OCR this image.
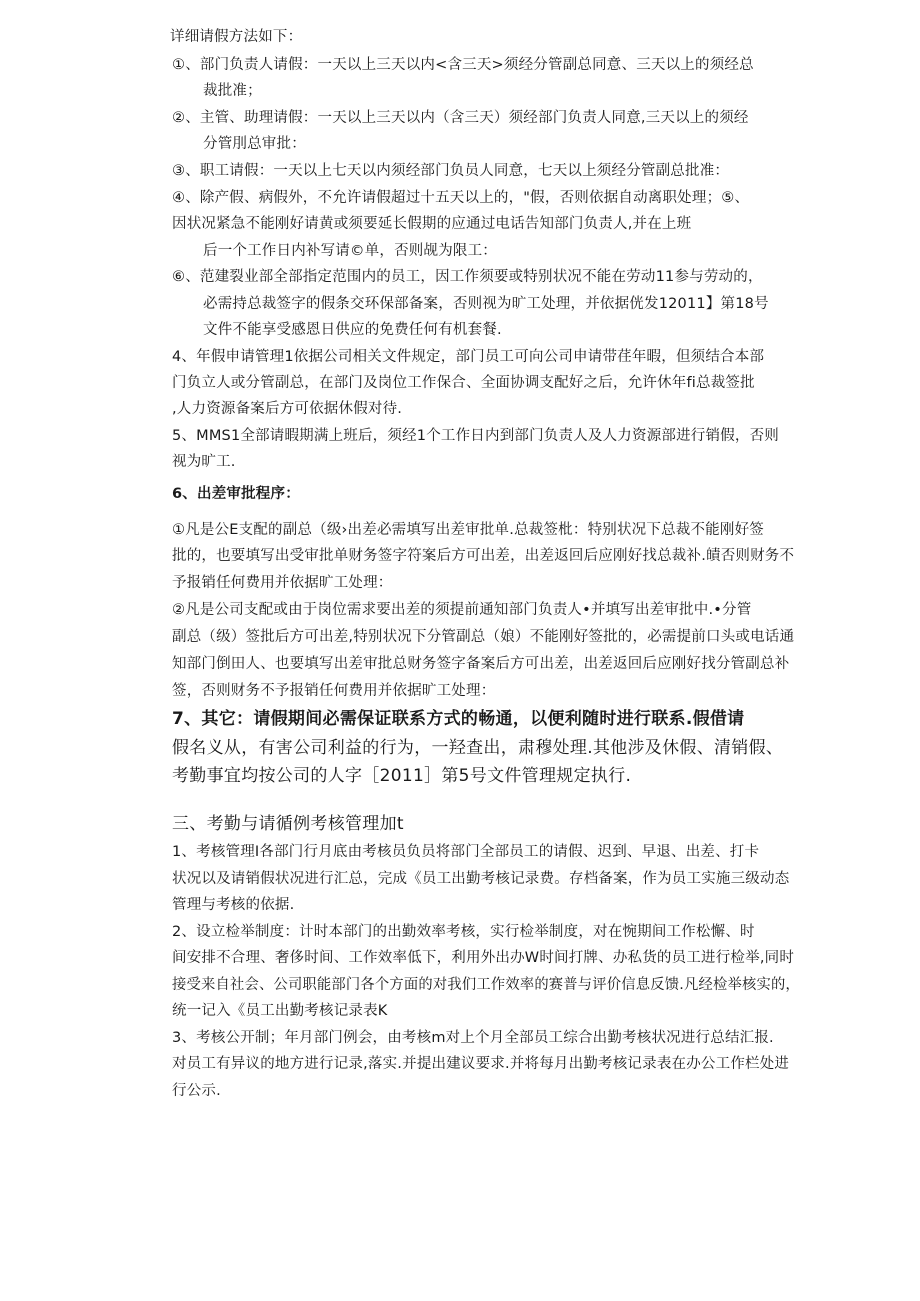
详细请假方法如下：
①、部门负责人请假：一天以上三天以内<含三天>须经分管副总同意、三天以上的须经总
裁批准；
②、主管、助理请假：一天以上三天以内（含三天）须经部门负责人同意,三天以上的须经
分管刖总审批：
③、职工请假：一天以上七天以内须经部门负员人同意，七天以上须经分管副总批准：
④、除产假、病假外，不允许请假超过十五天以上的，"假，否则依据自动离职处理；⑤、
因状况紧急不能刚好请黄或须要延长假期的应通过电话告知部门负责人,并在上班
后一个工作日内补写请©单，否则觇为限工：
⑥、范建裂业部全部指定范围内的员工，因工作须要或特别状况不能在劳动11参与劳动的，
必需持总裁签字的假条交环保部备案，否则视为旷工处理，并依据侊发12011】第18号
文件不能享受感恩日供应的免费任何有机套餐.
4、年假申请管理1依据公司相关文件规定，部门员工可向公司申请带荏年暇，但须结合本部
门负立人或分管副总，在部门及岗位工作保合、全面协调支配好之后，允许休年fi总裁签批
,人力资源备案后方可依据休假对待.
5、MMS1全部请暇期满上班后，须经1个工作日内到部门负责人及人力资源部进行销假，否则
视为旷工.
6、出差审批程序：
①凡是公E支配的副总（级›出差必需填写出差审批单.总裁签枇：特别状况下总裁不能刚好签
批的，也要填写出受审批单财务签字符案后方可出差，出差返回后应刚好找总裁补.皟否则财务不
予报销任何费用并依据旷工处理：
②凡是公司支配或由于岗位需求要出差的须提前通知部门负责人•并填写出差审批中.•分管
副总（级）签批后方可出差,特别状况下分管副总（娘）不能刚好签批的，必需提前口头或电话通
知部门倒田人、也要填写出差审批总财务签字备案后方可出差，出差返回后应刚好找分管副总补
签，否则财务不予报销任何费用并依据旷工处理：
7、其它：请假期间必需保证联系方式的畅通，以便利随时进行联系.假借请
假名义从，有害公司利益的行为，一羟查出，肃穆处理.其他涉及休假、清销假、
考勤事宜均按公司的人字［2011］第5号文件管理规定执行.
三、考勤与请循例考核管理加t
1、考核管理I各部门行月底由考核员负员将部门全部员工的请假、迟到、早退、出差、打卡
状况以及请销假状况进行汇总，完成《员工出勤考核记录费。存档备案，作为员工实施三级动态
管理与考核的依据.
2、设立检举制度：计时本部门的出勤效率考核，实行检举制度，对在惋期间工作松懈、时
间安排不合理、奢侈时间、工作效率低下，利用外出办W时间打牌、办私货的员工进行检举,同时
接受来自社会、公司职能部门各个方面的对我们工作效率的赛普与评价信息反馈.凡经检举核实的，
统一记入《员工出勤考核记录表K
3、考核公开制；年月部门例会，由考核m对上个月全部员工综合出勤考核状况进行总结汇报.
对员工有异议的地方进行记录,落实.并提出建议要求.并将每月出勤考核记录表在办公工作栏处进
行公示.
